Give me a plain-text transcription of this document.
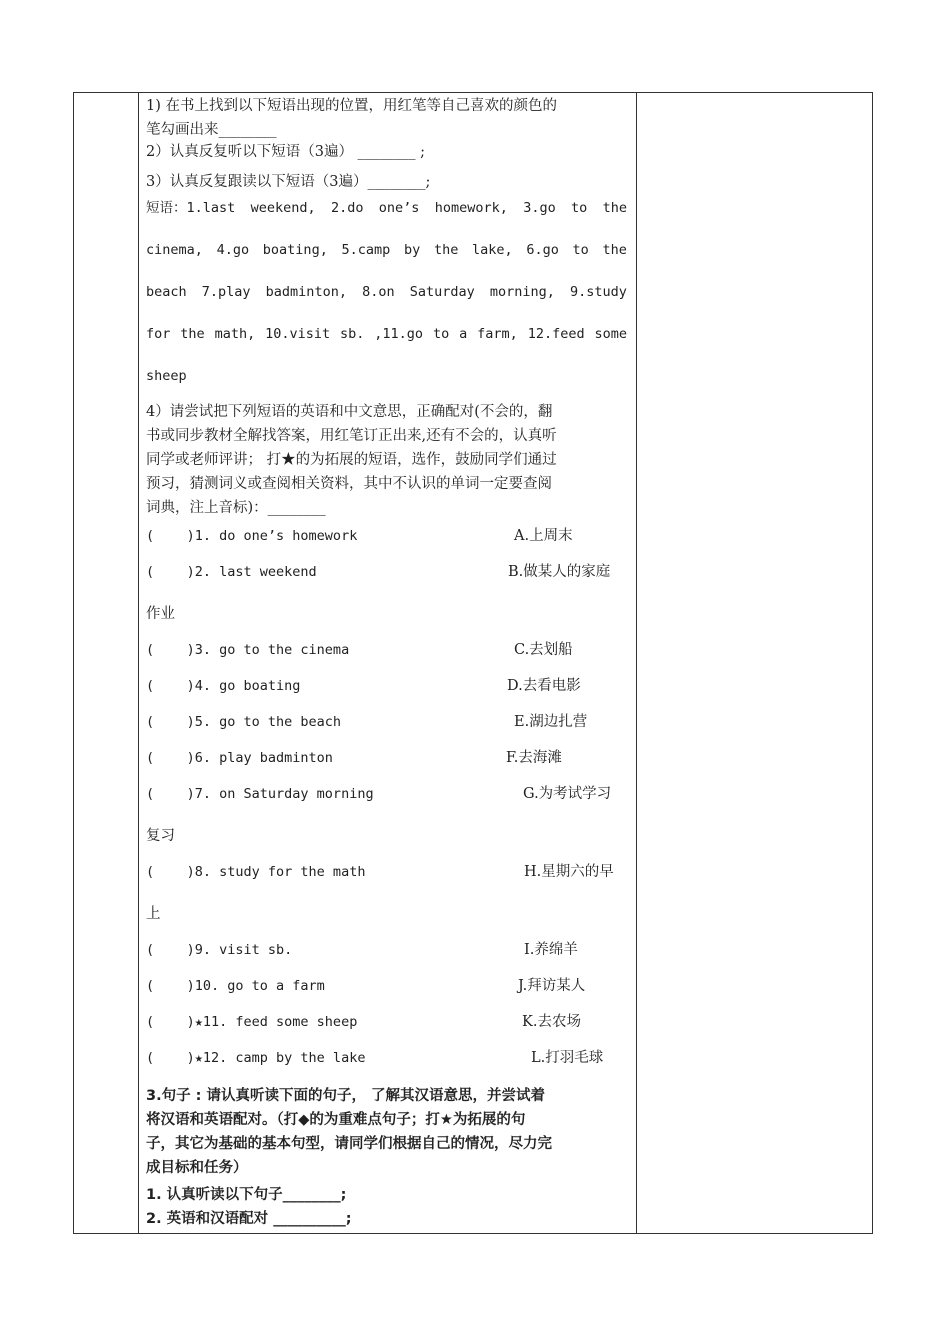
1) 在书上找到以下短语出现的位置，用红笔等自己喜欢的颜色的
笔勾画出来________
2）认真反复听以下短语（3遍） ________ ;
3）认真反复跟读以下短语（3遍）________;
短语：1.last weekend, 2.do one’s homework, 3.go to the
cinema, 4.go boating, 5.camp by the lake, 6.go to the
beach 7.play badminton, 8.on Saturday morning, 9.study
for the math, 10.visit sb. ,11.go to a farm, 12.feed some
sheep
4）请尝试把下列短语的英语和中文意思，正确配对(不会的，翻
书或同步教材全解找答案，用红笔订正出来,还有不会的，认真听
同学或老师评讲； 打★的为拓展的短语，选作，鼓励同学们通过
预习，猜测词义或查阅相关资料，其中不认识的单词一定要查阅
词典，注上音标)：________
(    )1. do one’s homework	A.上周末
(    )2. last weekend	B.做某人的家庭
作业
(    )3. go to the cinema	C.去划船
(    )4. go boating	D.去看电影
(    )5. go to the beach	E.湖边扎营
(    )6. play badminton	F.去海滩
(    )7. on Saturday morning	G.为考试学习
复习
(    )8. study for the math	H.星期六的早
上
(    )9. visit sb.	I.养绵羊
(    )10. go to a farm	J.拜访某人
(    )★11. feed some sheep	K.去农场
(    )★12. camp by the lake	L.打羽毛球
3.句子 : 请认真听读下面的句子， 了解其汉语意思，并尝试着
将汉语和英语配对。（打◆的为重难点句子；打★为拓展的句
子，其它为基础的基本句型，请同学们根据自己的情况，尽力完
成目标和任务）
1. 认真听读以下句子________;
2. 英语和汉语配对 __________;
